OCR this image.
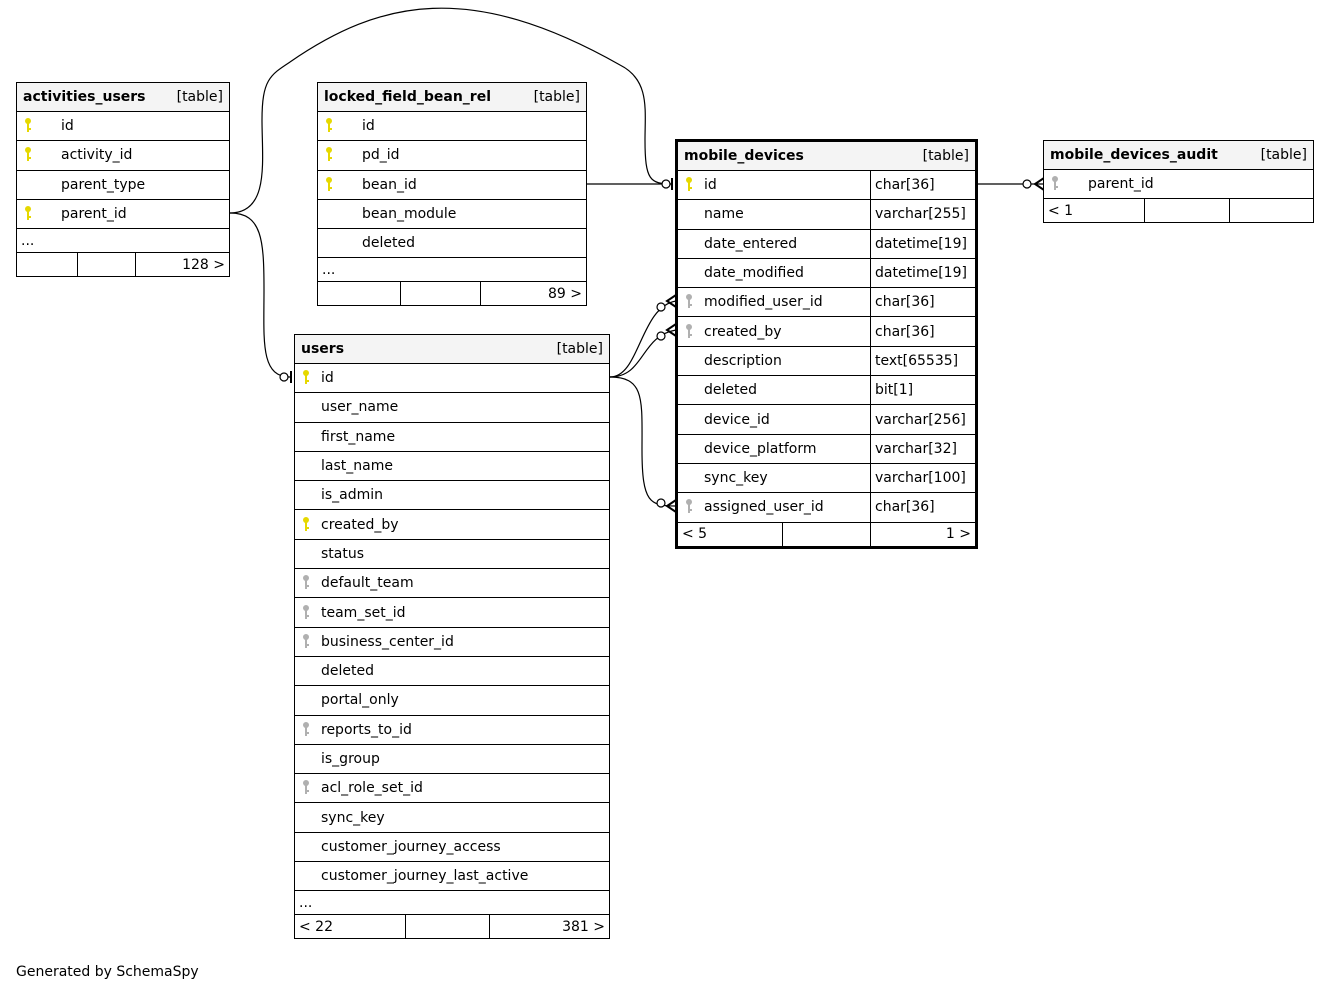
activities_users [table]
id
activity_id
parent_type
parent_id
...
128 >
locked_field_bean_rel	[table]
id
pd_id
bean_id
bean_module
deleted
...
89 >
mobile_devices	[table]
id	char[36]
name	varchar[255]
date_entered	datetime[19]
date_modified	datetime[19]
modified_user_id	char[36]
created_by	char[36]
description	text[65535]
deleted	bit[1]
device_id	varchar[256]
device_platform	varchar[32]
sync_key	varchar[100]
assigned_user_id	char[36]
< 5	1 >
mobile_devices_audit	[table]
parent_id
< 1
users	[table]
id
user_name
first_name
last_name
is_admin
created_by
status
default_team
team_set_id
business_center_id
deleted
portal_only
reports_to_id
is_group
acl_role_set_id
sync_key
customer_journey_access
customer_journey_last_active
...
< 22	381 >
Generated by SchemaSpy
